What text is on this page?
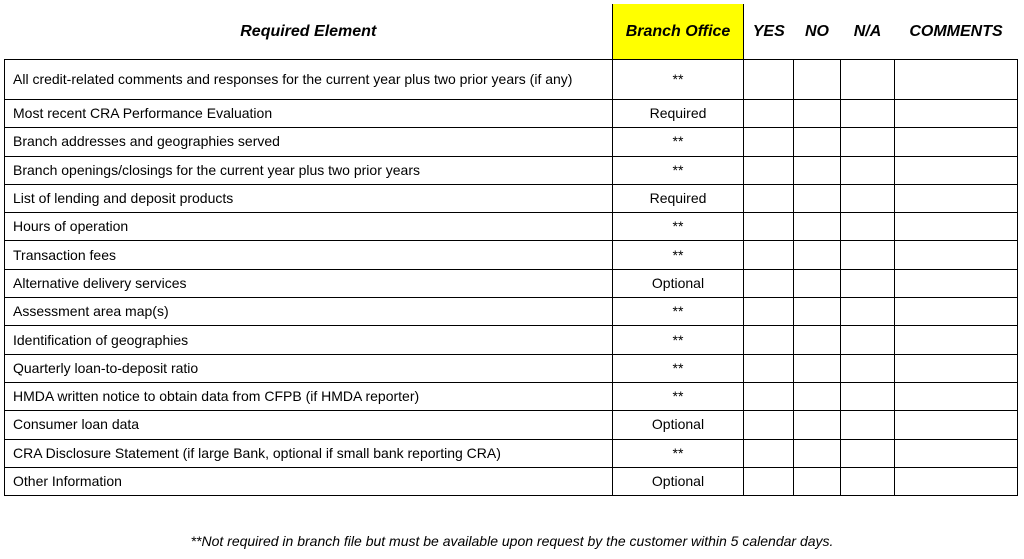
Required Element	Branch Office	YES	NO	N/A	COMMENTS
All credit-related comments and responses for the current year plus two prior years (if any)	**				
Most recent CRA Performance Evaluation	Required				
Branch addresses and geographies served	**				
Branch openings/closings for the current year plus two prior years	**				
List of lending and deposit products	Required				
Hours of operation	**				
Transaction fees	**				
Alternative delivery services	Optional				
Assessment area map(s)	**				
Identification of geographies	**				
Quarterly loan-to-deposit ratio	**				
HMDA written notice to obtain data from CFPB (if HMDA reporter)	**				
Consumer loan data	Optional				
CRA Disclosure Statement (if large Bank, optional if small bank reporting CRA)	**				
Other Information	Optional				
**Not required in branch file but must be available upon request by the customer within 5 calendar days.
